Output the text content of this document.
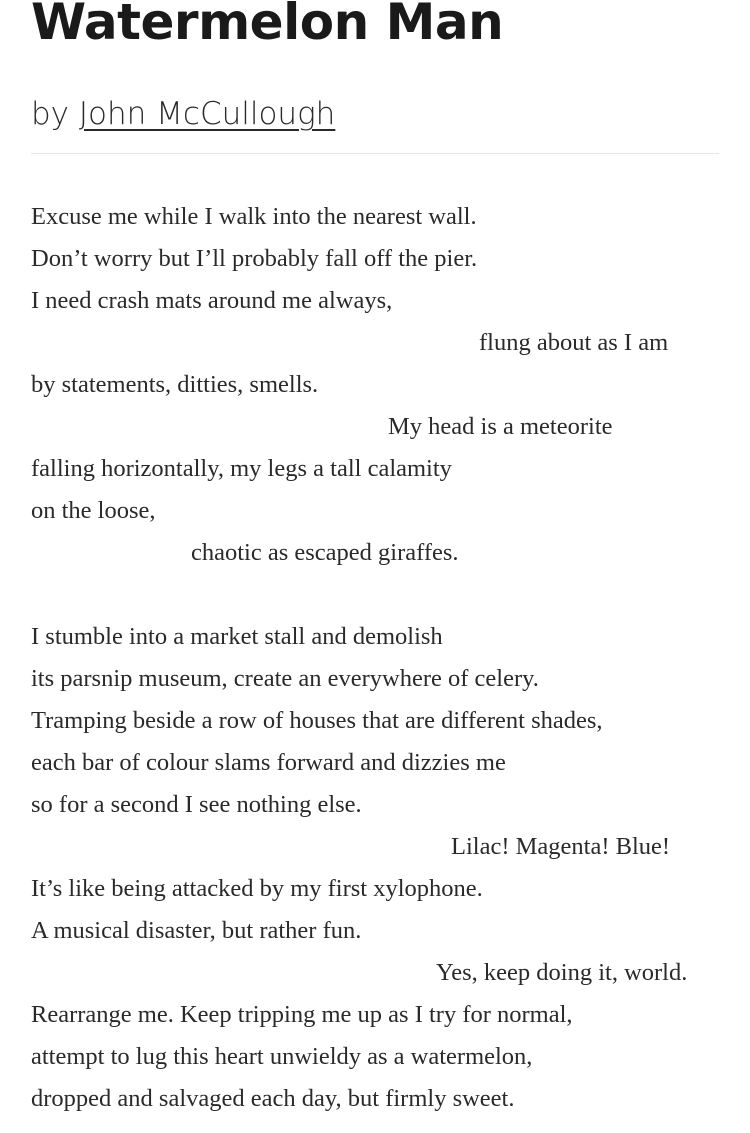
Watermelon Man
by John McCullough
Excuse me while I walk into the nearest wall.
Don’t worry but I’ll probably fall off the pier.
I need crash mats around me always,
flung about as I am
by statements, ditties, smells.
My head is a meteorite
falling horizontally, my legs a tall calamity
on the loose,
chaotic as escaped giraffes.
I stumble into a market stall and demolish
its parsnip museum, create an everywhere of celery.
Tramping beside a row of houses that are different shades,
each bar of colour slams forward and dizzies me
so for a second I see nothing else.
Lilac! Magenta! Blue!
It’s like being attacked by my first xylophone.
A musical disaster, but rather fun.
Yes, keep doing it, world.
Rearrange me. Keep tripping me up as I try for normal,
attempt to lug this heart unwieldy as a watermelon,
dropped and salvaged each day, but firmly sweet.
